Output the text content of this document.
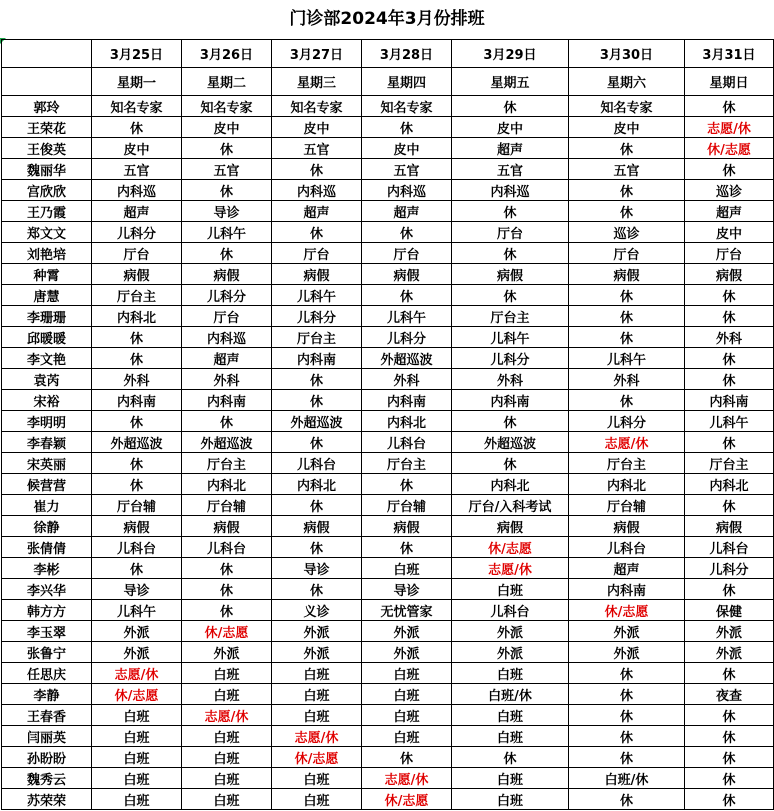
门诊部2024年3月份排班
	3月25日	3月26日	3月27日	3月28日	3月29日	3月30日	3月31日
	星期一	星期二	星期三	星期四	星期五	星期六	星期日
郭玲	知名专家	知名专家	知名专家	知名专家	休	知名专家	休
王荣花	休	皮中	皮中	休	皮中	皮中	志愿/休
王俊英	皮中	休	五官	皮中	超声	休	休/志愿
魏丽华	五官	五官	休	五官	五官	五官	休
宫欣欣	内科巡	休	内科巡	内科巡	内科巡	休	巡诊
王乃霞	超声	导诊	超声	超声	休	休	超声
郑文文	儿科分	儿科午	休	休	厅台	巡诊	皮中
刘艳培	厅台	休	厅台	厅台	休	厅台	厅台
种霄	病假	病假	病假	病假	病假	病假	病假
唐慧	厅台主	儿科分	儿科午	休	休	休	休
李珊珊	内科北	厅台	儿科分	儿科午	厅台主	休	休
邱暖暖	休	内科巡	厅台主	儿科分	儿科午	休	外科
李文艳	休	超声	内科南	外超巡波	儿科分	儿科午	休
袁芮	外科	外科	休	外科	外科	外科	休
宋裕	内科南	内科南	休	内科南	内科南	休	内科南
李明明	休	休	外超巡波	内科北	休	儿科分	儿科午
李春颖	外超巡波	外超巡波	休	儿科台	外超巡波	志愿/休	休
宋英丽	休	厅台主	儿科台	厅台主	休	厅台主	厅台主
候营营	休	内科北	内科北	休	内科北	内科北	内科北
崔力	厅台辅	厅台辅	休	厅台辅	厅台/入科考试	厅台辅	休
徐静	病假	病假	病假	病假	病假	病假	病假
张倩倩	儿科台	儿科台	休	休	休/志愿	儿科台	儿科台
李彬	休	休	导诊	白班	志愿/休	超声	儿科分
李兴华	导诊	休	休	导诊	白班	内科南	休
韩方方	儿科午	休	义诊	无忧管家	儿科台	休/志愿	保健
李玉翠	外派	休/志愿	外派	外派	外派	外派	外派
张鲁宁	外派	外派	外派	外派	外派	外派	外派
任思庆	志愿/休	白班	白班	白班	白班	休	休
李静	休/志愿	白班	白班	白班	白班/休	休	夜查
王春香	白班	志愿/休	白班	白班	白班	休	休
闫丽英	白班	白班	志愿/休	白班	白班	休	休
孙盼盼	白班	白班	休/志愿	休	休	休	休
魏秀云	白班	白班	白班	志愿/休	白班	白班/休	休
苏荣荣	白班	白班	白班	休/志愿	白班	休	休
